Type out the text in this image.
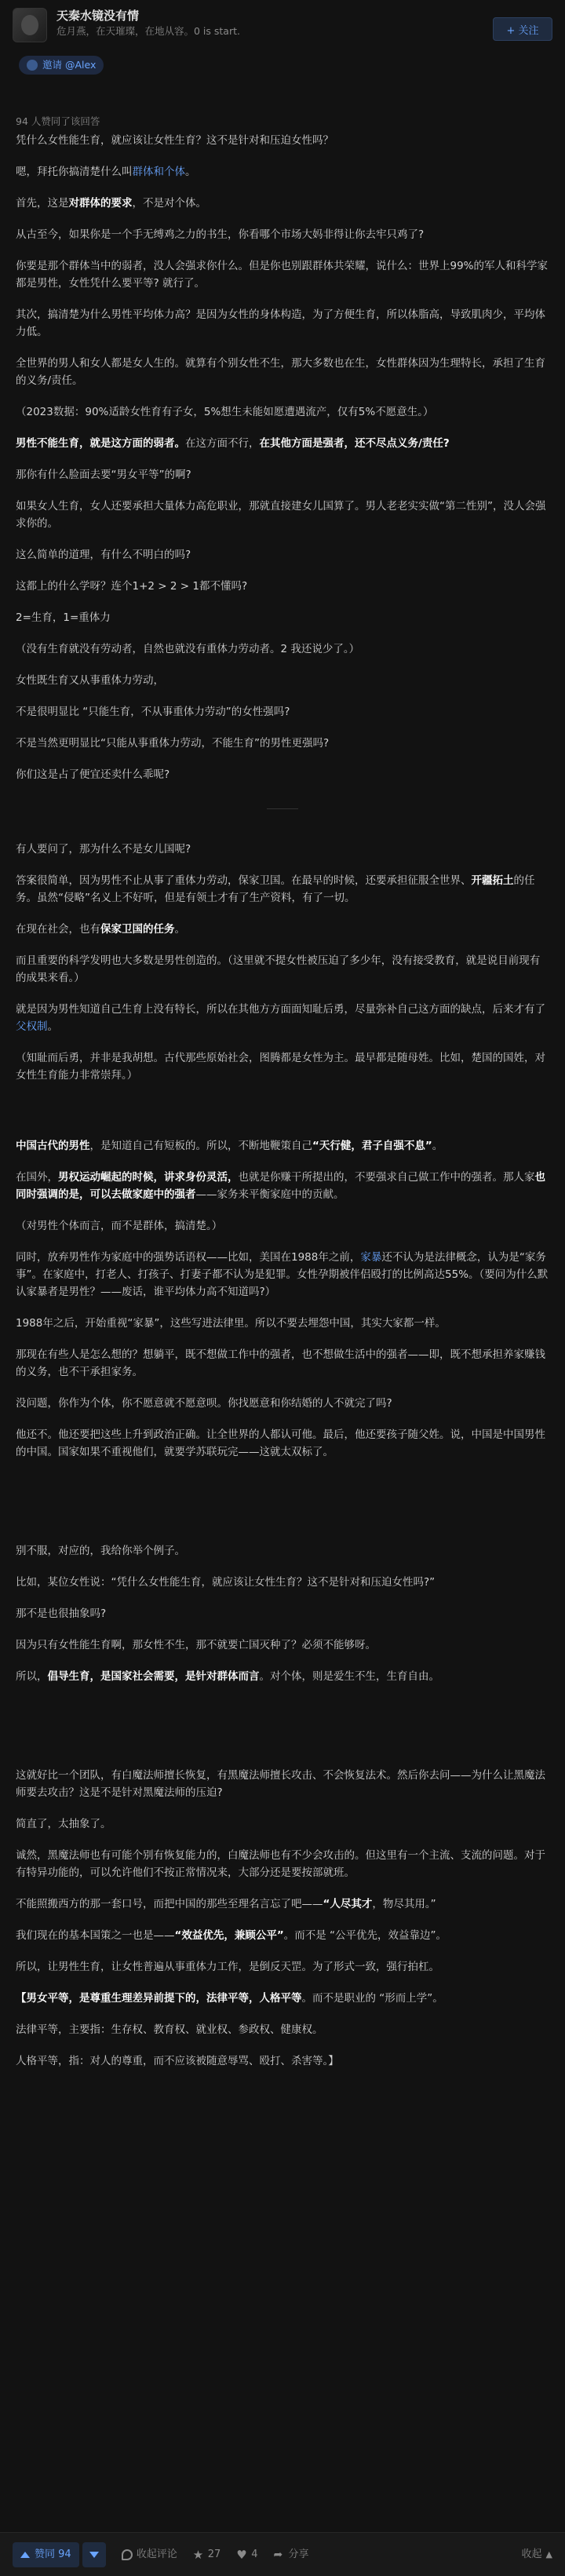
天秦水镜没有情
危月燕，在天璀璨，在地从容。0 is start.	+ 关注
邀请 @Alex
94 人赞同了该回答

凭什么女性能生育，就应该让女性生育？这不是针对和压迫女性吗？

嗯，拜托你搞清楚什么叫群体和个体。

首先，这是对群体的要求，不是对个体。

从古至今，如果你是一个手无缚鸡之力的书生，你看哪个市场大妈非得让你去牢只鸡了?

你要是那个群体当中的弱者，没人会强求你什么。但是你也别跟群体共荣耀，说什么：世界上99%的军人和科学家都是男性，女性凭什么要平等? 就行了。

其次，搞清楚为什么男性平均体力高？是因为女性的身体构造，为了方便生育，所以体脂高，导致肌肉少，平均体力低。

全世界的男人和女人都是女人生的。就算有个别女性不生，那大多数也在生，女性群体因为生理特长，承担了生育的义务/责任。

（2023数据：90%适龄女性育有子女，5%想生未能如愿遭遇流产，仅有5%不愿意生。）

男性不能生育，就是这方面的弱者。在这方面不行，在其他方面是强者，还不尽点义务/责任?

那你有什么脸面去要“男女平等”的啊?

如果女人生育，女人还要承担大量体力高危职业，那就直接建女儿国算了。男人老老实实做“第二性别”，没人会强求你的。

这么简单的道理，有什么不明白的吗?

这都上的什么学呀？连个1+2 > 2 > 1都不懂吗?

2=生育，1=重体力

（没有生育就没有劳动者，自然也就没有重体力劳动者。2 我还说少了。）

女性既生育又从事重体力劳动，

不是很明显比 “只能生育，不从事重体力劳动”的女性强吗?

不是当然更明显比“只能从事重体力劳动，不能生育”的男性更强吗?

你们这是占了便宜还卖什么乖呢?

有人要问了，那为什么不是女儿国呢?

答案很简单，因为男性不止从事了重体力劳动，保家卫国。在最早的时候，还要承担征服全世界、开疆拓土的任务。虽然“侵略”名义上不好听，但是有领土才有了生产资料，有了一切。

在现在社会，也有保家卫国的任务。

而且重要的科学发明也大多数是男性创造的。（这里就不提女性被压迫了多少年，没有接受教育，就是说目前现有的成果来看。）

就是因为男性知道自己生育上没有特长，所以在其他方方面面知耻后勇，尽量弥补自己这方面的缺点，后来才有了父权制。

（知耻而后勇，并非是我胡想。古代那些原始社会，图腾都是女性为主。最早都是随母姓。比如，楚国的国姓，对女性生育能力非常崇拜。）

中国古代的男性，是知道自己有短板的。所以，不断地鞭策自己“天行健，君子自强不息”。

在国外，男权运动崛起的时候，讲求身份灵活，也就是你赚干所提出的，不要强求自己做工作中的强者。那人家也同时强调的是，可以去做家庭中的强者——家务来平衡家庭中的贡献。

（对男性个体而言，而不是群体，搞清楚。）

同时，放弃男性作为家庭中的强势话语权——比如，美国在1988年之前，家暴还不认为是法律概念，认为是“家务事”。在家庭中，打老人、打孩子、打妻子都不认为是犯罪。女性孕期被伴侣殴打的比例高达55%。（要问为什么默认家暴者是男性？——废话，谁平均体力高不知道吗?）

1988年之后，开始重视“家暴”，这些写进法律里。所以不要去埋怨中国，其实大家都一样。

那现在有些人是怎么想的？想躺平，既不想做工作中的强者，也不想做生活中的强者——即，既不想承担养家赚钱的义务，也不干承担家务。

没问题，你作为个体，你不愿意就不愿意呗。你找愿意和你结婚的人不就完了吗?

他还不。他还要把这些上升到政治正确。让全世界的人都认可他。最后，他还要孩子随父姓。说，中国是中国男性的中国。国家如果不重视他们，就要学苏联玩完——这就太双标了。

别不服，对应的，我给你举个例子。

比如，某位女性说：“凭什么女性能生育，就应该让女性生育？这不是针对和压迫女性吗?”

那不是也很抽象吗?

因为只有女性能生育啊，那女性不生，那不就要亡国灭种了？必须不能够呀。

所以，倡导生育，是国家社会需要，是针对群体而言。对个体，则是爱生不生，生育自由。

这就好比一个团队，有白魔法师擅长恢复，有黑魔法师擅长攻击、不会恢复法术。然后你去问——为什么让黑魔法师要去攻击？这是不是针对黑魔法师的压迫?

简直了，太抽象了。

诚然，黑魔法师也有可能个别有恢复能力的，白魔法师也有不少会攻击的。但这里有一个主流、支流的问题。对于有特异功能的，可以允许他们不按正常情况来，大部分还是要按部就班。

不能照搬西方的那一套口号，而把中国的那些至理名言忘了吧——“人尽其才，物尽其用。”

我们现在的基本国策之一也是——“效益优先，兼顾公平”。而不是 “公平优先，效益靠边”。

所以，让男性生育，让女性普遍从事重体力工作，是倒反天罡。为了形式一致，强行拍杠。

【男女平等，是尊重生理差异前提下的，法律平等，人格平等。而不是职业的 “形而上学”。

法律平等，主要指：生存权、教育权、就业权、参政权、健康权。

人格平等，指：对人的尊重，而不应该被随意辱骂、殴打、杀害等。】

赞同 94	收起评论 ★ 27 ♥ 4 ➦ 分享	收起 ▲
